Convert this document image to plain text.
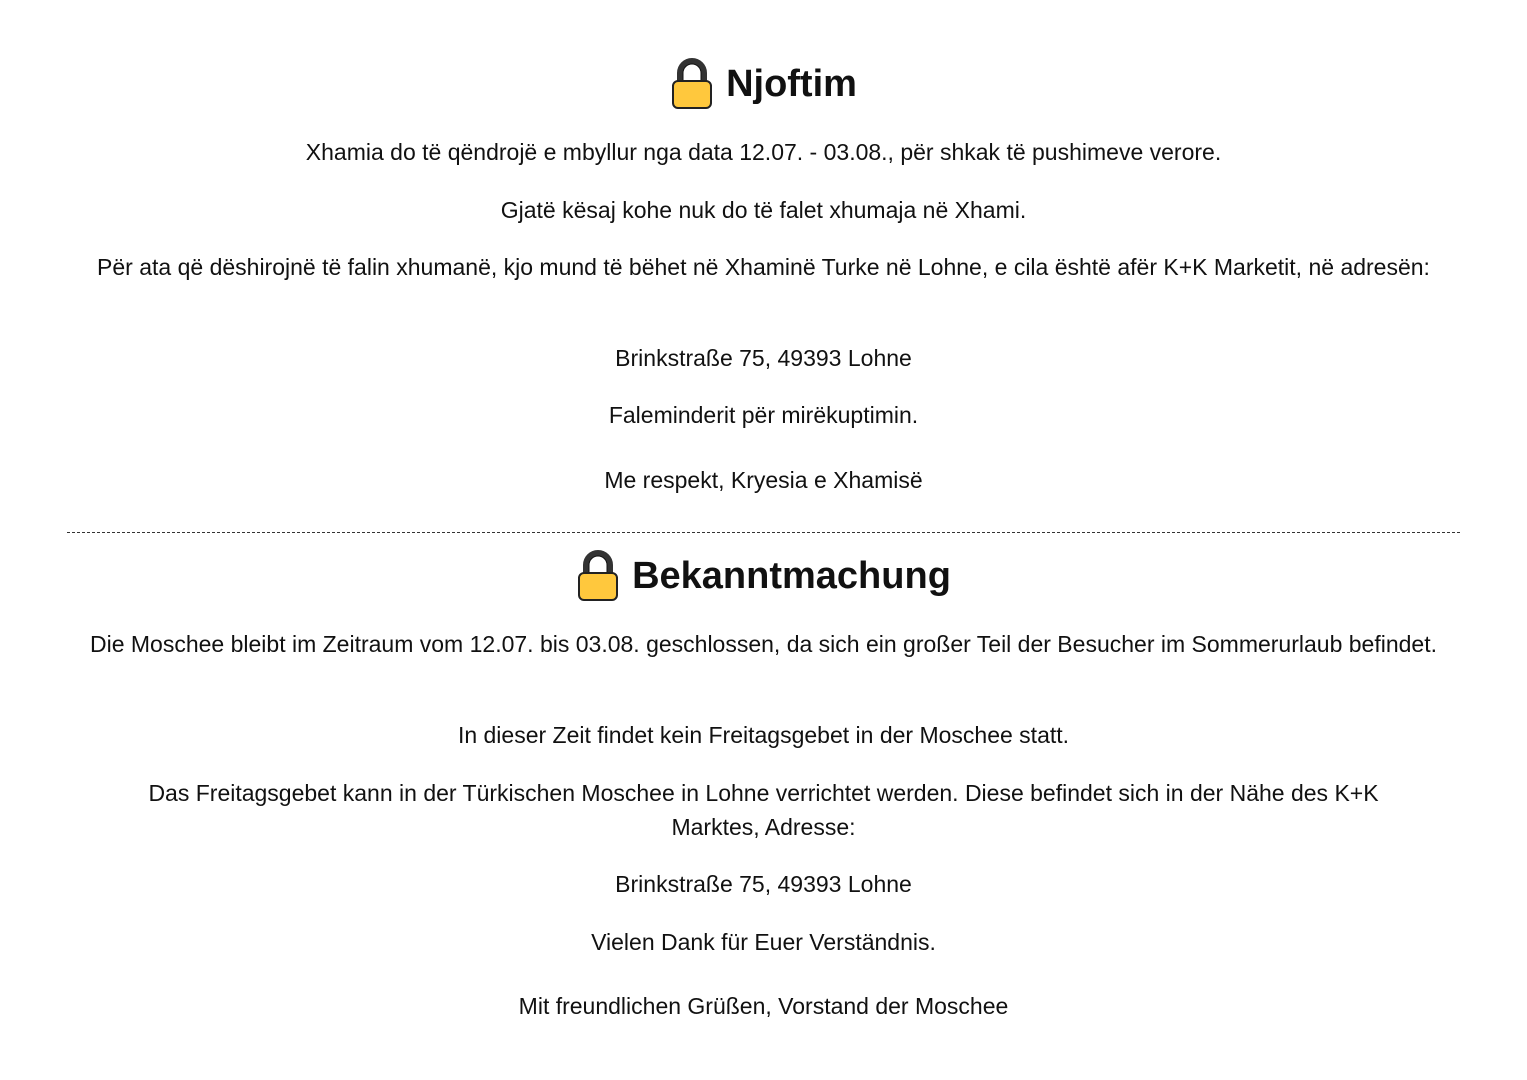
Njoftim

Xhamia do të qëndrojë e mbyllur nga data 12.07. - 03.08., për shkak të pushimeve verore.

Gjatë kësaj kohe nuk do të falet xhumaja në Xhami.

Për ata që dëshirojnë të falin xhumanë, kjo mund të bëhet në Xhaminë Turke në Lohne, e cila është afër K+K Marketit, në adresën:

Brinkstraße 75, 49393 Lohne

Faleminderit për mirëkuptimin.

Me respekt, Kryesia e Xhamisë

Bekanntmachung

Die Moschee bleibt im Zeitraum vom 12.07. bis 03.08. geschlossen, da sich ein großer Teil der Besucher im Sommerurlaub befindet.

In dieser Zeit findet kein Freitagsgebet in der Moschee statt.

Das Freitagsgebet kann in der Türkischen Moschee in Lohne verrichtet werden. Diese befindet sich in der Nähe des K+K Marktes, Adresse:

Brinkstraße 75, 49393 Lohne

Vielen Dank für Euer Verständnis.

Mit freundlichen Grüßen, Vorstand der Moschee
